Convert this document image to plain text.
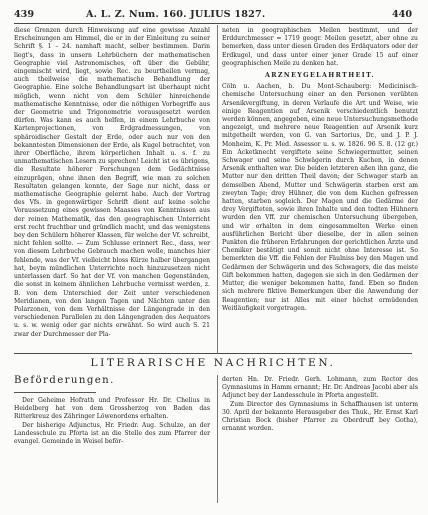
439	A. L. Z. Num. 160. JULIUS 1827.	440

diese Grenzen durch Hinweisung auf eine gewisse Anzahl Erscheinungen am Himmel, die er in der Einleitung zu seiner Schrift §. 1 – 24. namhaft macht, selber bestimmen. Darin liegt's, dass in unsern Lehrbüchern der mathematischen Geographie viel Astronomisches, oft über die Gebühr, eingemischt wird, liegt, sowie Rec. zu beurtheilen vermag, auch theilweise die mathematische Behandlung der Geographie. Eine solche Behandlungsart ist überhaupt nicht möglich, wenn nicht von dem Schüler hinreichende mathematische Kenntnisse, oder die nöthigen Vorbegriffe aus der Geometrie und Trigonometrie vorausgesetzt werden dürfen. Was kann es auch helfen, in einem Lehrbuche von Kartenprojectionen, von Erdgradmessungen, von sphäroidischer Gestalt der Erde, oder auch nur von den bekanntesten Dimensionen der Erde, als Kugel betrachtet, von ihrer Oberfläche, ihrem körperlichen Inhalt u. s. f. zu unmathematischen Lesern zu sprechen! Leicht ist es übrigens, die Resultate höherer Forschungen dem Gedächtnisse einzuprägen, ohne ihnen den Begriff, wie man zu solchen Resultaten gelangen konnte, der Sage nur nicht, dass er mathematische Geographie gelernt habe. Auch der Vortrag des Vfs. in gegenwärtiger Schrift dient auf keine solche Voraussetzung eines gewissen Maasses von Kenntnissen aus der reinen Mathematik, das den geographischen Unterricht erst recht fruchtbar und gründlich macht, und das wenigstens bey den Schülern höherer Klassen, für welche der Vf. schreibt, nicht fehlen sollte. — Zum Schlusse erinnert Rec., dass, wer von diesem Lehrbuche Gebrauch machen wolle, manches hier fehlende, was der Vf. vielleicht bloss Kürze halber übergangen hat, beym mündlichen Unterrichte noch hinzuzusetzen nicht unterlassen darf. So hat der Vf. von manchen Gegenständen, die sonst in keinem ähnlichen Lehrbuche vermisst werden, z. B. von dem Unterschied der Zeit unter verschiedenen Meridianen, von den langen Tagen und Nächten unter den Polarzonen, von dem Verhältnisse der Längengrade in den verschiedenen Parallelen zu den Längengraden des Aequators u. s. w. wenig oder gar nichts erwähnt. So wird auch S. 21 zwar der Durchmesser der Pla-

neten in geographischen Meilen bestimmt, und der Erddurchmesser = 1719 geogr. Meilen gesetzt, aber ohne zu bemerken, dass unter diesen Graden des Erdäquators oder der Erdkugel, und dass unter einer jener Grade 15 auf einer geographischen Meile zu denken hat.

ARZNEYGELAHRTHEIT.

Cöln u. Aachen, b. Du Mont-Schauberg: Medicinisch-chemische Untersuchung einer an den Personen verübten Arsenikvergiftung, in deren Verlaufe die Art und Weise, wie einige Reagentien auf Arsenik verschiedentlich benutzt werden können, angegeben, eine neue Untersuchungsmethode angezeigt, und mehrere neue Reagentien auf Arsenik kurz mitgetheilt werden, von G. van Sartorius, Dr., und J. P. J. Monheim, K. Pr. Med. Assessor u. s. w. 1826. 96 S. 8. (12 gr.) Ein Acketknecht vergiftete seine Schwiegermutter, seinen Schwager und seine Schwägerin durch Kuchen, in denen Arsenik enthalten war. Die beiden letzteren aßen ihn ganz, die Mutter nur den dritten Theil davon; der Schwager starb an demselben Abend, Mutter und Schwägerin starben erst am zweyten Tage; drey Hühner, die von dem Kuchen gefressen hatten, starben sogleich. Der Magen und die Gedärme der drey Vergifteten, sowie ihren Inhalte und den todten Hühnern wurden den Vff. zur chemischen Untersuchung übergeben, und wir erhalten in dem eingesammelten Werke einen ausführlichen Bericht über dieselbe, der in allen seinen Punkten die früheren Erfahrungen der gerichtlichen Ärzte und Chemiker bestätigt und somit nicht ohne Interesse ist. So bemerkten die Vff. die Fehlen der Fäulniss bey den Magen und Gedärmen der Schwägerin und des Schwagers, die das meiste Gift bekommen hatten, dagegen sie sich in den Gedärmen der Mutter, die weniger bekommen hatte, fand. Eben so finden sich mehrere fiktive Bemerkungen über die Anwendung der Reagentien; nur ist Alles mit einer höchst ermüdenden Weitläufigkeit vorgetragen.

LITERARISCHE NACHRICHTEN.
Beförderungen.

Der Geheime Hofrath und Professor Hr. Dr. Chelius in Heidelberg hat von dem Grossherzog von Baden das Ritterkreuz des Zähringer Löwenordens erhalten.

Der bisherige Adjunctus, Hr. Friedr. Aug. Schulze, an der Landesschule zu Pforta ist an die Stelle des zum Pfarrer der evangel. Gemeinde in Weisel beför-

derten Hn. Dr. Friedr. Gerh. Lohmann, zum Rector des Gymnasiums in Hamm ernannt; Hr. Dr. Andreas Jacobi aber als Adjunct bey der Landesschule in Pforta angestellt.

Zum Director des Gymnasiums in Schaffhausen ist unterm 30. April der bekannte Herausgeber des Thuk., Hr. Ernst Karl Christian Bock (bisher Pfarrer zu Oberdruff bey Gotha), ernannt worden.
